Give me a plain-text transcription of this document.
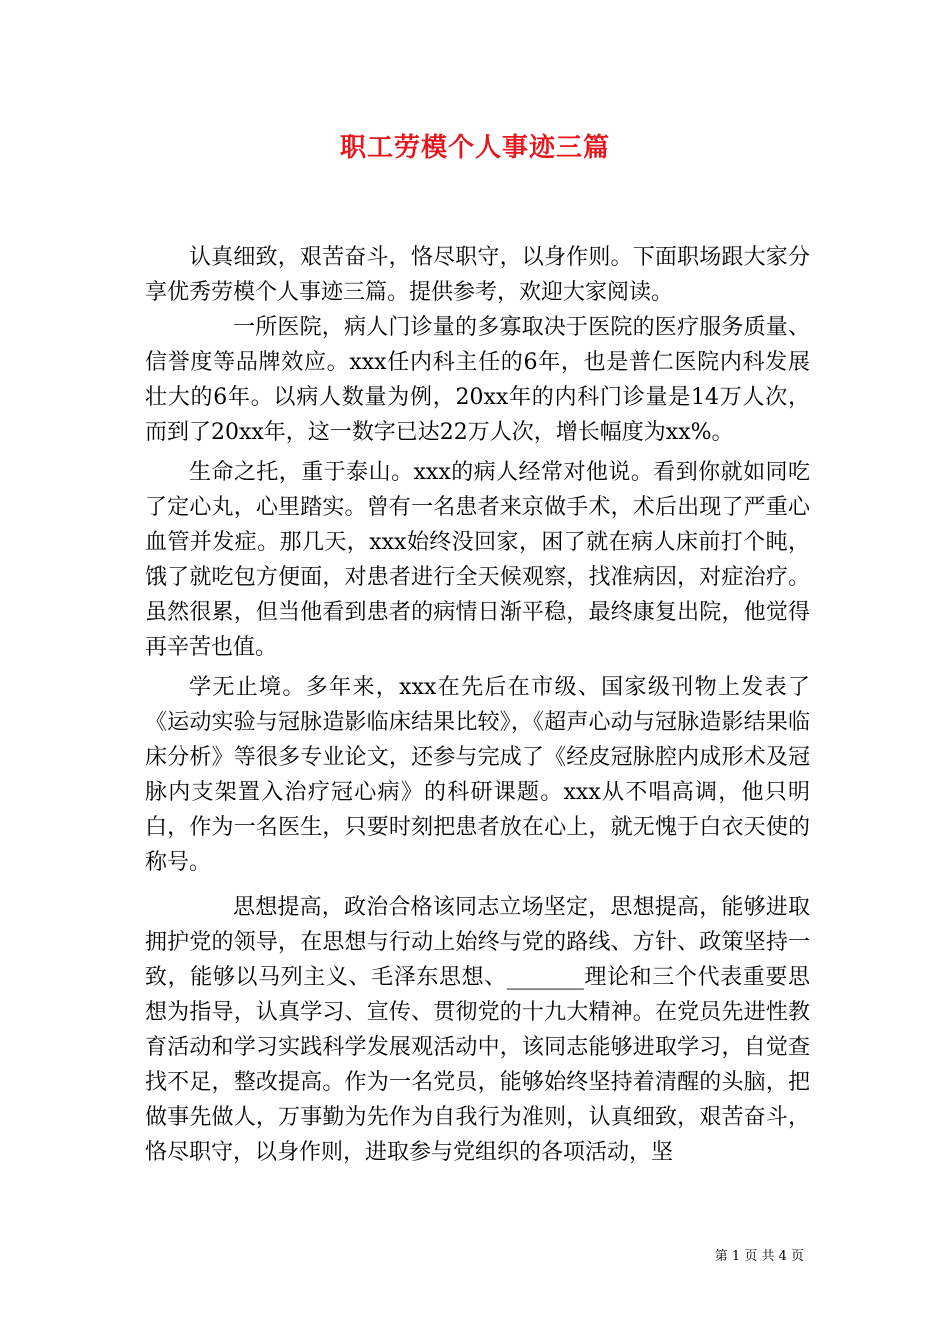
职工劳模个人事迹三篇

认真细致，艰苦奋斗，恪尽职守，以身作则。下面职场跟大家分享优秀劳模个人事迹三篇。提供参考，欢迎大家阅读。

一所医院，病人门诊量的多寡取决于医院的医疗服务质量、信誉度等品牌效应。xxx任内科主任的6年，也是普仁医院内科发展壮大的6年。以病人数量为例，20xx年的内科门诊量是14万人次，而到了20xx年，这一数字已达22万人次，增长幅度为xx%。

生命之托，重于泰山。xxx的病人经常对他说。看到你就如同吃了定心丸，心里踏实。曾有一名患者来京做手术，术后出现了严重心血管并发症。那几天，xxx始终没回家，困了就在病人床前打个盹，饿了就吃包方便面，对患者进行全天候观察，找准病因，对症治疗。虽然很累，但当他看到患者的病情日渐平稳，最终康复出院，他觉得再辛苦也值。

学无止境。多年来，xxx在先后在市级、国家级刊物上发表了《运动实验与冠脉造影临床结果比较》，《超声心动与冠脉造影结果临床分析》等很多专业论文，还参与完成了《经皮冠脉腔内成形术及冠脉内支架置入治疗冠心病》的科研课题。xxx从不唱高调，他只明白，作为一名医生，只要时刻把患者放在心上，就无愧于白衣天使的称号。

思想提高，政治合格该同志立场坚定，思想提高，能够进取拥护党的领导，在思想与行动上始终与党的路线、方针、政策坚持一致，能够以马列主义、毛泽东思想、_______理论和三个代表重要思想为指导，认真学习、宣传、贯彻党的十九大精神。在党员先进性教育活动和学习实践科学发展观活动中，该同志能够进取学习，自觉查找不足，整改提高。作为一名党员，能够始终坚持着清醒的头脑，把做事先做人，万事勤为先作为自我行为准则，认真细致，艰苦奋斗，恪尽职守，以身作则，进取参与党组织的各项活动，坚

第 1 页 共 4 页
